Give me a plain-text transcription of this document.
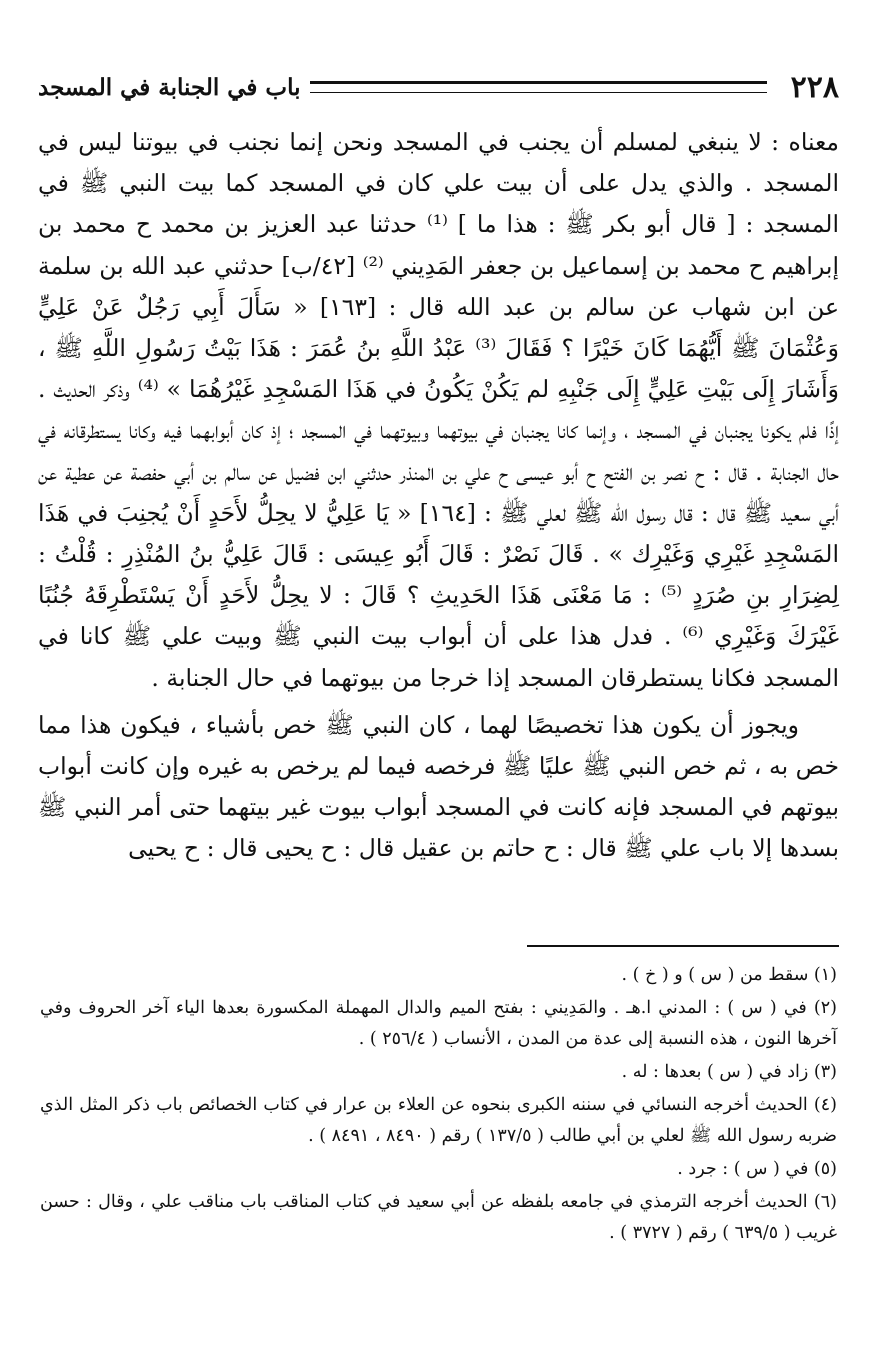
٢٢٨
باب في الجنابة في المسجد

معناه : لا ينبغي لمسلم أن يجنب في المسجد ونحن إنما نجنب في بيوتنا ليس في المسجد . والذي يدل على أن بيت علي كان في المسجد كما بيت النبي ﷺ في المسجد : [ قال أبو بكر ﷺ : هذا ما ] ⁽¹⁾ حدثنا عبد العزيز بن محمد ح محمد بن إبراهيم ح محمد بن إسماعيل بن جعفر المَدِيني ⁽²⁾ [٤٢/ب] حدثني عبد الله بن سلمة عن ابن شهاب عن سالم بن عبد الله قال : [١٦٣] « سَأَلَ أَبِي رَجُلٌ عَنْ عَلِيٍّ وَعُثْمَانَ ﷺ أَيُّهُمَا كَانَ خَيْرًا ؟ فَقَالَ ⁽³⁾ عَبْدُ اللَّهِ بنُ عُمَرَ : هَذَا بَيْتُ رَسُولِ اللَّهِ ﷺ ، وَأَشَارَ إِلَى بَيْتِ عَلِيٍّ إِلَى جَنْبِهِ لم يَكُنْ يَكُونُ في هَذَا المَسْجِدِ غَيْرُهُمَا » ⁽⁴⁾ وذكر الحديث . إذًا فلم يكونا يجنبان في المسجد ، وإنما كانا يجنبان في بيوتهما وبيوتهما في المسجد ؛ إذ كان أبوابهما فيه وكانا يستطرقانه في حال الجنابة . قال : ح نصر بن الفتح ح أبو عيسى ح علي بن المنذر حدثني ابن فضيل عن سالم بن أبي حفصة عن عطية عن أبي سعيد ﷺ قال : قال رسول الله ﷺ لعلي ﷺ : [١٦٤] « يَا عَلِيُّ لا يحِلُّ لأَحَدٍ أَنْ يُجنِبَ في هَذَا المَسْجِدِ غَيْرِي وَغَيْرِك » . قَالَ نَصْرٌ : قَالَ أَبُو عِيسَى : قَالَ عَلِيُّ بنُ المُنْذِرِ : قُلْتُ : لِضِرَارِ بنِ صُرَدٍ ⁽⁵⁾ : مَا مَعْنَى هَذَا الحَدِيثِ ؟ قَالَ : لا يحِلُّ لأَحَدٍ أَنْ يَسْتَطْرِقَهُ جُنُبًا غَيْرَكَ وَغَيْرِي ⁽⁶⁾ . فدل هذا على أن أبواب بيت النبي ﷺ وبيت علي ﷺ كانا في المسجد فكانا يستطرقان المسجد إذا خرجا من بيوتهما في حال الجنابة .

ويجوز أن يكون هذا تخصيصًا لهما ، كان النبي ﷺ خص بأشياء ، فيكون هذا مما خص به ، ثم خص النبي ﷺ عليًا ﷺ فرخصه فيما لم يرخص به غيره وإن كانت أبواب بيوتهم في المسجد فإنه كانت في المسجد أبواب بيوت غير بيتهما حتى أمر النبي ﷺ بسدها إلا باب علي ﷺ قال : ح حاتم بن عقيل قال : ح يحيى قال : ح يحيى

(١) سقط من ( س ) و ( خ ) .

(٢) في ( س ) : المدني ا.هـ . والمَدِيني : بفتح الميم والدال المهملة المكسورة بعدها الياء آخر الحروف وفي آخرها النون ، هذه النسبة إلى عدة من المدن ، الأنساب ( ٢٥٦/٤ ) .

(٣) زاد في ( س ) بعدها : له .

(٤) الحديث أخرجه النسائي في سننه الكبرى بنحوه عن العلاء بن عرار في كتاب الخصائص باب ذكر المثل الذي ضربه رسول الله ﷺ لعلي بن أبي طالب ( ١٣٧/٥ ) رقم ( ٨٤٩٠ ، ٨٤٩١ ) .

(٥) في ( س ) : جرد .

(٦) الحديث أخرجه الترمذي في جامعه بلفظه عن أبي سعيد في كتاب المناقب باب مناقب علي ، وقال : حسن غريب ( ٦٣٩/٥ ) رقم ( ٣٧٢٧ ) .
